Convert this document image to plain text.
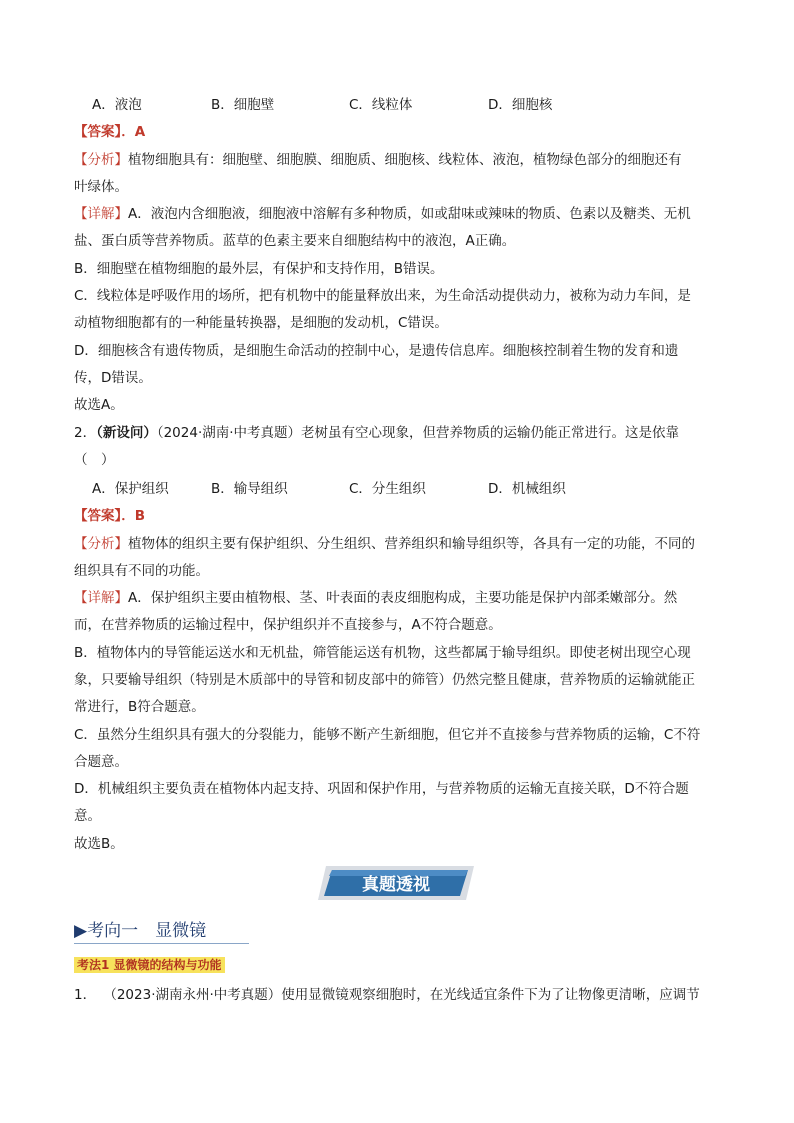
A．液泡	B．细胞壁	C．线粒体	D．细胞核
【答案】．A
【分析】植物细胞具有：细胞壁、细胞膜、细胞质、细胞核、线粒体、液泡，植物绿色部分的细胞还有
叶绿体。
【详解】A．液泡内含细胞液，细胞液中溶解有多种物质，如或甜味或辣味的物质、色素以及糖类、无机
盐、蛋白质等营养物质。蓝草的色素主要来自细胞结构中的液泡，A正确。
B．细胞壁在植物细胞的最外层，有保护和支持作用，B错误。
C．线粒体是呼吸作用的场所，把有机物中的能量释放出来，为生命活动提供动力，被称为动力车间，是
动植物细胞都有的一种能量转换器，是细胞的发动机，C错误。
D．细胞核含有遗传物质，是细胞生命活动的控制中心，是遗传信息库。细胞核控制着生物的发育和遗
传，D错误。
故选A。
2．（新设问）（2024·湖南·中考真题）老树虽有空心现象，但营养物质的运输仍能正常进行。这是依靠
（　）
A．保护组织	B．输导组织	C．分生组织	D．机械组织
【答案】．B
【分析】植物体的组织主要有保护组织、分生组织、营养组织和输导组织等，各具有一定的功能，不同的
组织具有不同的功能。
【详解】A．保护组织主要由植物根、茎、叶表面的表皮细胞构成，主要功能是保护内部柔嫩部分。然
而，在营养物质的运输过程中，保护组织并不直接参与，A不符合题意。
B．植物体内的导管能运送水和无机盐，筛管能运送有机物，这些都属于输导组织。即使老树出现空心现
象，只要输导组织（特别是木质部中的导管和韧皮部中的筛管）仍然完整且健康，营养物质的运输就能正
常进行，B符合题意。
C．虽然分生组织具有强大的分裂能力，能够不断产生新细胞，但它并不直接参与营养物质的运输，C不符
合题意。
D．机械组织主要负责在植物体内起支持、巩固和保护作用，与营养物质的运输无直接关联，D不符合题
意。
故选B。
真题透视
▶考向一　显微镜
考法1 显微镜的结构与功能
1． （2023·湖南永州·中考真题）使用显微镜观察细胞时，在光线适宜条件下为了让物像更清晰，应调节
